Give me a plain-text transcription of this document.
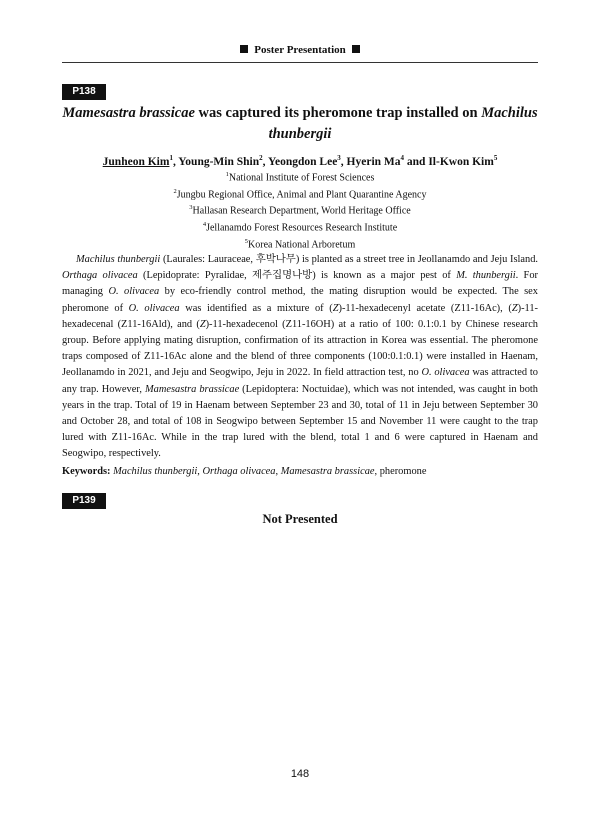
Poster Presentation
P138
Mamesastra brassicae was captured its pheromone trap installed on Machilus thunbergii
Junheon Kim$^1$, Young-Min Shin$^2$, Yeongdon Lee$^3$, Hyerin Ma$^4$ and Il-Kwon Kim$^5$
$^1$National Institute of Forest Sciences
$^2$Jungbu Regional Office, Animal and Plant Quarantine Agency
$^3$Hallasan Research Department, World Heritage Office
$^4$Jellanamdo Forest Resources Research Institute
$^5$Korea National Arboretum

Machilus thunbergii (Laurales: Lauraceae, 후박나무) is planted as a street tree in Jeollanamdo and Jeju Island. Orthaga olivacea (Lepidoprate: Pyralidae, 제주집명나방) is known as a major pest of M. thunbergii. For managing O. olivacea by eco-friendly control method, the mating disruption would be expected. The sex pheromone of O. olivacea was identified as a mixture of (Z)-11-hexadecenyl acetate (Z11-16Ac), (Z)-11-hexadecenal (Z11-16Ald), and (Z)-11-hexadecenol (Z11-16OH) at a ratio of 100: 0.1:0.1 by Chinese research group. Before applying mating disruption, confirmation of its attraction in Korea was essential. The pheromone traps composed of Z11-16Ac alone and the blend of three components (100:0.1:0.1) were installed in Haenam, Jeollanamdo in 2021, and Jeju and Seogwipo, Jeju in 2022. In field attraction test, no O. olivacea was attracted to any trap. However, Mamesastra brassicae (Lepidoptera: Noctuidae), which was not intended, was caught in both years in the trap. Total of 19 in Haenam between September 23 and 30, total of 11 in Jeju between September 30 and October 28, and total of 108 in Seogwipo between September 15 and November 11 were caught to the trap lured with Z11-16Ac. While in the trap lured with the blend, total 1 and 6 were captured in Haenam and Seogwipo, respectively.

Keywords: Machilus thunbergii, Orthaga olivacea, Mamesastra brassicae, pheromone
P139
Not Presented
148
